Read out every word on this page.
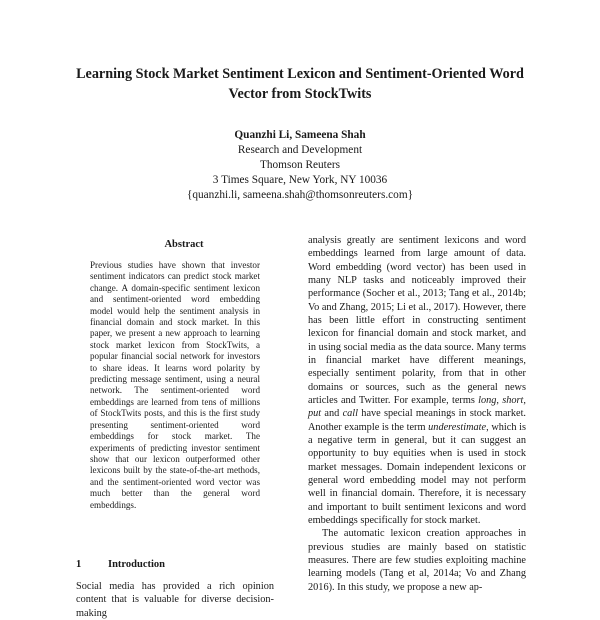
Learning Stock Market Sentiment Lexicon and Sentiment-Oriented Word Vector from StockTwits
Quanzhi Li, Sameena Shah
Research and Development
Thomson Reuters
3 Times Square, New York, NY 10036
{quanzhi.li, sameena.shah@thomsonreuters.com}
Abstract

Previous studies have shown that investor sentiment indicators can predict stock market change. A domain-specific sentiment lexicon and sentiment-oriented word embedding model would help the sentiment analysis in financial domain and stock market. In this paper, we present a new approach to learning stock market lexicon from StockTwits, a popular financial social network for investors to share ideas. It learns word polarity by predicting message sentiment, using a neural network. The sentiment-oriented word embeddings are learned from tens of millions of StockTwits posts, and this is the first study presenting sentiment-oriented word embeddings for stock market. The experiments of predicting investor sentiment show that our lexicon outperformed other lexicons built by the state-of-the-art methods, and the sentiment-oriented word vector was much better than the general word embeddings.

1	Introduction

Social media has provided a rich opinion content that is valuable for diverse decision-making

analysis greatly are sentiment lexicons and word embeddings learned from large amount of data. Word embedding (word vector) has been used in many NLP tasks and noticeably improved their performance (Socher et al., 2013; Tang et al., 2014b; Vo and Zhang, 2015; Li et al., 2017). However, there has been little effort in constructing sentiment lexicon for financial domain and stock market, and in using social media as the data source. Many terms in financial market have different meanings, especially sentiment polarity, from that in other domains or sources, such as the general news articles and Twitter. For example, terms long, short, put and call have special meanings in stock market. Another example is the term underestimate, which is a negative term in general, but it can suggest an opportunity to buy equities when is used in stock market messages. Domain independent lexicons or general word embedding model may not perform well in financial domain. Therefore, it is necessary and important to built sentiment lexicons and word embeddings specifically for stock market.

The automatic lexicon creation approaches in previous studies are mainly based on statistic measures. There are few studies exploiting machine learning models (Tang et al, 2014a; Vo and Zhang 2016). In this study, we propose a new ap-
